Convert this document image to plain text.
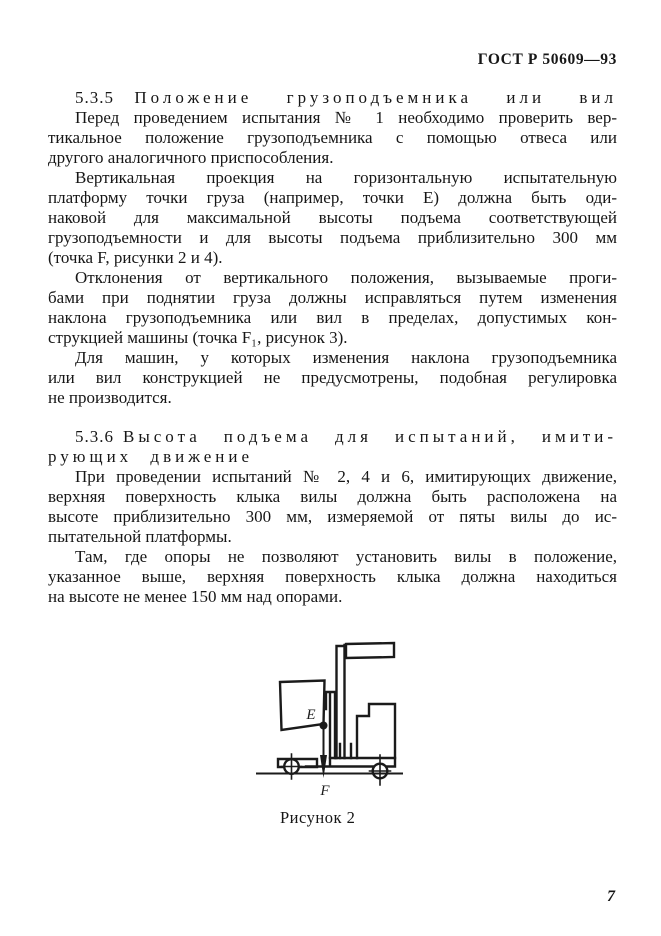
ГОСТ Р 50609—93
5.3.5 Положение грузоподъемника или вил
Перед проведением испытания № 1 необходимо проверить вер-
тикальное положение грузоподъемника с помощью отвеса или
другого аналогичного приспособления.
Вертикальная проекция на горизонтальную испытательную
платформу точки груза (например, точки E) должна быть оди-
наковой для максимальной высоты подъема соответствующей
грузоподъемности и для высоты подъема приблизительно 300 мм
(точка F, рисунки 2 и 4).
Отклонения от вертикального положения, вызываемые проги-
бами при поднятии груза должны исправляться путем изменения
наклона грузоподъемника или вил в пределах, допустимых кон-
струкцией машины (точка F₁, рисунок 3).
Для машин, у которых изменения наклона грузоподъемника
или вил конструкцией не предусмотрены, подобная регулировка
не производится.
5.3.6 Высота подъема для испытаний, имити-
рующих движение
При проведении испытаний № 2, 4 и 6, имитирующих движение,
верхняя поверхность клыка вилы должна быть расположена на
высоте приблизительно 300 мм, измеряемой от пяты вилы до ис-
пытательной платформы.
Там, где опоры не позволяют установить вилы в положение,
указанное выше, верхняя поверхность клыка должна находиться
на высоте не менее 150 мм над опорами.
E
F
Рисунок 2
7
